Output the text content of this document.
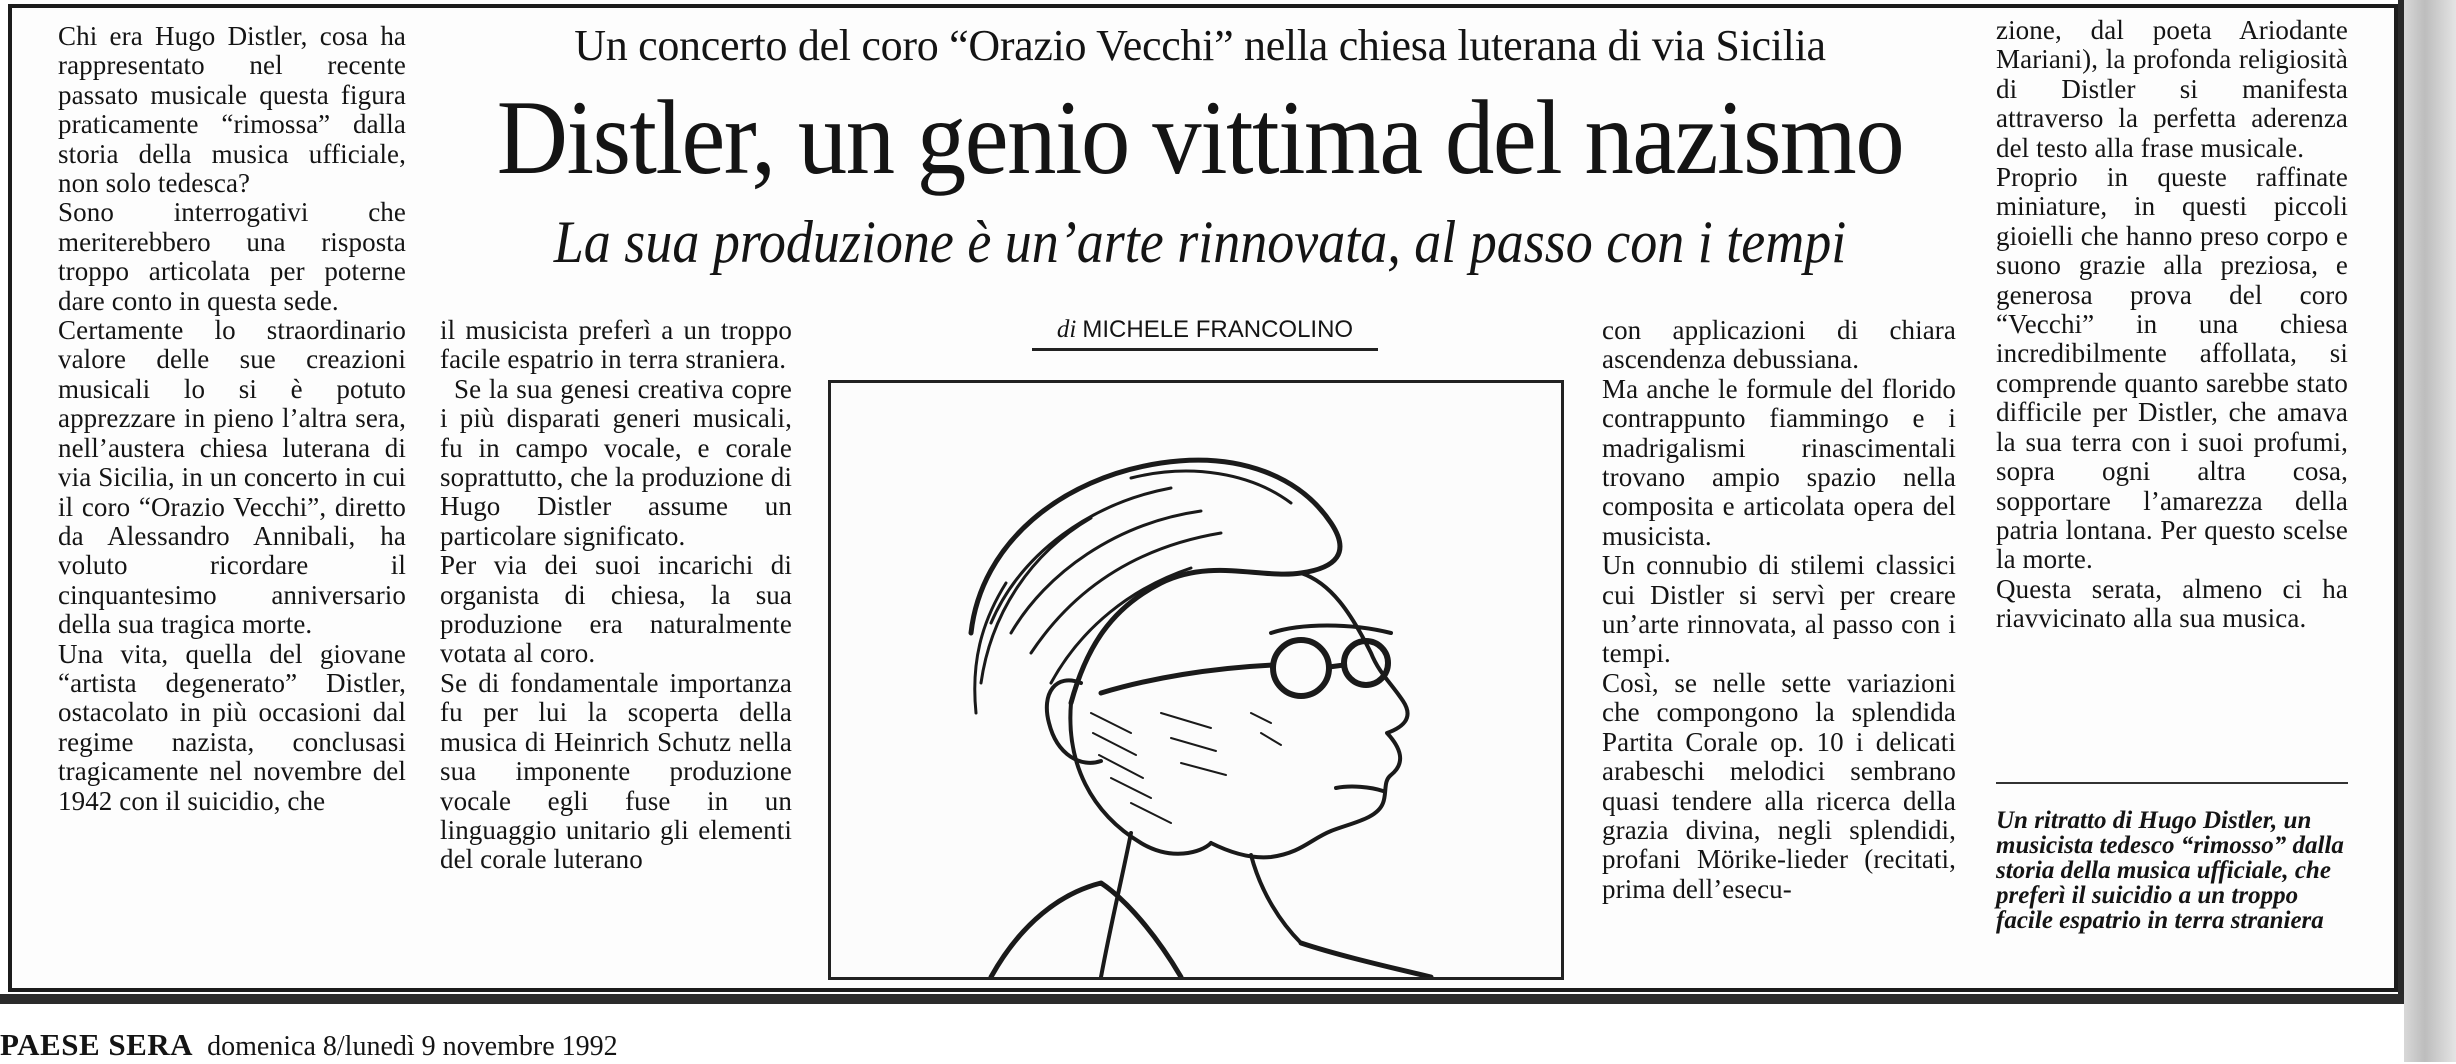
Un concerto del coro “Orazio Vecchi” nella chiesa luterana di via Sicilia
Distler, un genio vittima del nazismo
La sua produzione è un’arte rinnovata, al passo con i tempi

Chi era Hugo Distler, cosa ha rappresentato nel recente passato musicale questa figura praticamente “rimossa” dalla storia della musica ufficiale, non solo tedesca?

Sono interrogativi che meriterebbero una risposta troppo articolata per poterne dare conto in questa sede.

Certamente lo straordinario valore delle sue creazioni musicali lo si è potuto apprezzare in pieno l’altra sera, nell’austera chiesa luterana di via Sicilia, in un concerto in cui il coro “Orazio Vecchi”, diretto da Alessandro Annibali, ha voluto ricordare il cinquantesimo anniversario della sua tragica morte.

Una vita, quella del giovane “artista degenerato” Distler, ostacolato in più occasioni dal regime nazista, conclusasi tragicamente nel novembre del 1942 con il suicidio, che

il musicista preferì a un troppo facile espatrio in terra straniera.

Se la sua genesi creativa copre i più disparati generi musicali, fu in campo vocale, e corale soprattutto, che la produzione di Hugo Distler assume un particolare significato.

Per via dei suoi incarichi di organista di chiesa, la sua produzione era naturalmente votata al coro.

Se di fondamentale importanza fu per lui la scoperta della musica di Heinrich Schutz nella sua imponente produzione vocale egli fuse in un linguaggio unitario gli elementi del corale luterano

di MICHELE FRANCOLINO	con applicazioni di chiara ascendenza debussiana.

Ma anche le formule del florido contrappunto fiammingo e i madrigalismi rinascimentali trovano ampio spazio nella composita e articolata opera del musicista.

Un connubio di stilemi classici cui Distler si servì per creare un’arte rinnovata, al passo con i tempi.

Così, se nelle sette variazioni che compongono la splendida Partita Corale op. 10 i delicati arabeschi melodici sembrano quasi tendere alla ricerca della grazia divina, negli splendidi, profani Mörike-lieder (recitati, prima dell’esecu-

zione, dal poeta Ariodante Mariani), la profonda religiosità di Distler si manifesta attraverso la perfetta aderenza del testo alla frase musicale.

Proprio in queste raffinate miniature, in questi piccoli gioielli che hanno preso corpo e suono grazie alla preziosa, e generosa prova del coro “Vecchi” in una chiesa incredibilmente affollata, si comprende quanto sarebbe stato difficile per Distler, che amava la sua terra con i suoi profumi, sopra ogni altra cosa, sopportare l’amarezza della patria lontana. Per questo scelse la morte.

Questa serata, almeno ci ha riavvicinato alla sua musica.

Un ritratto di Hugo Distler, un musicista tedesco “rimosso” dalla storia della musica ufficiale, che preferì il suicidio a un troppo facile espatrio in terra straniera

PAESE SERA domenica 8/lunedì 9 novembre 1992
